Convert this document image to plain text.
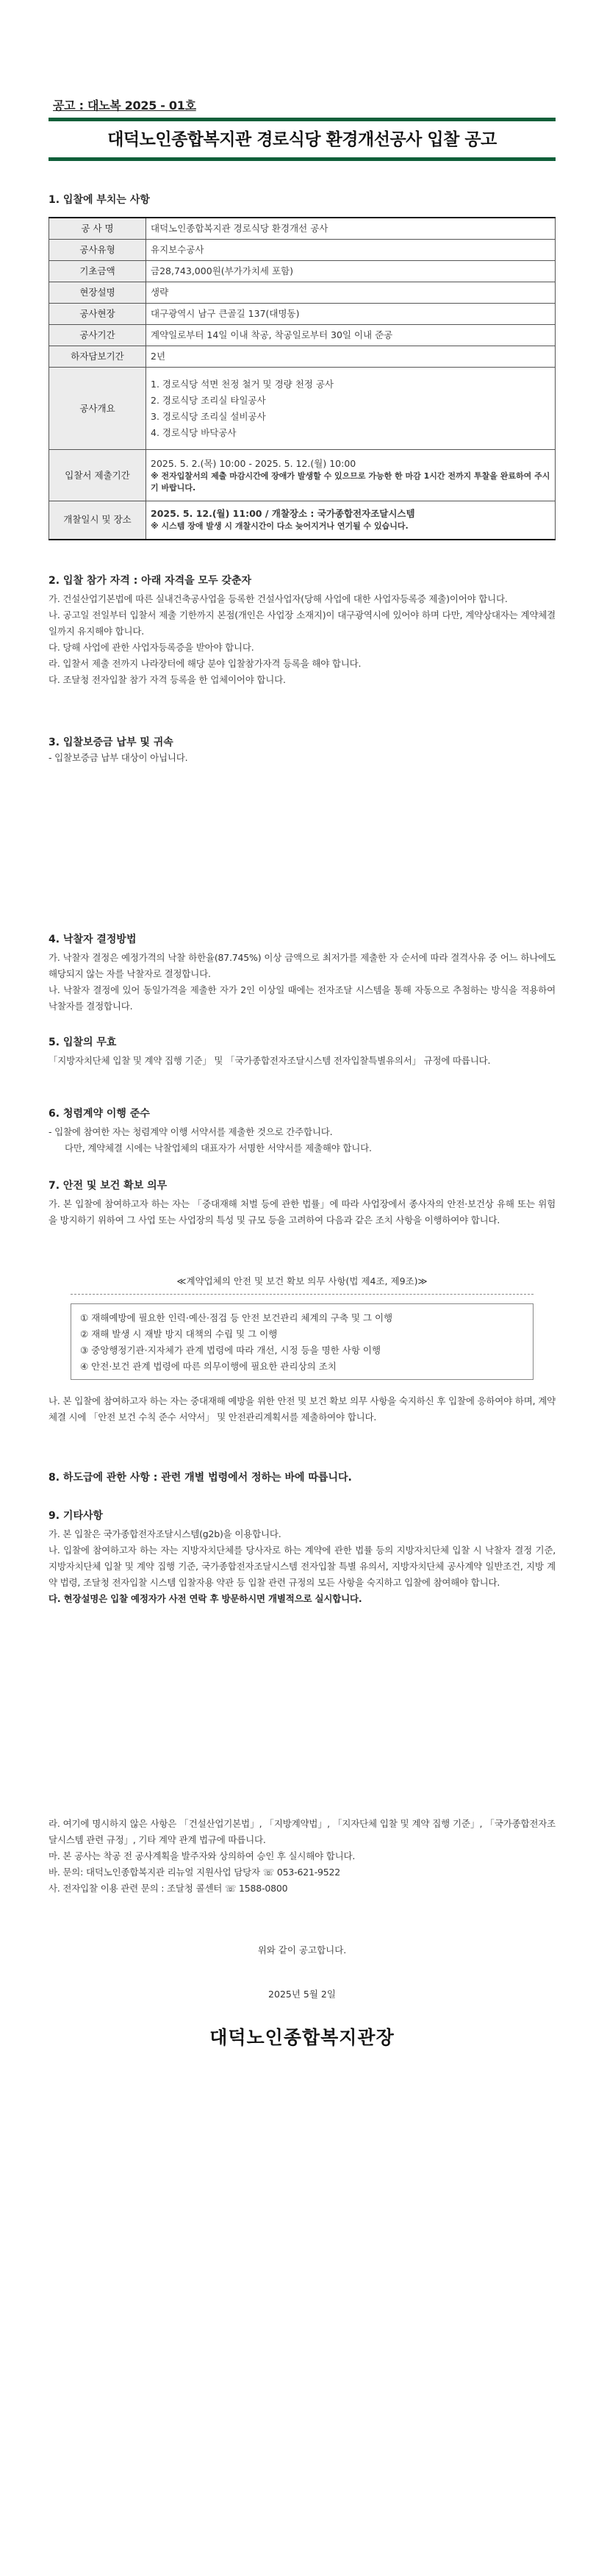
공고 : 대노복 2025 - 01호
대덕노인종합복지관 경로식당 환경개선공사 입찰 공고
1. 입찰에 부치는 사항
공 사 명	대덕노인종합복지관 경로식당 환경개선 공사
공사유형	유지보수공사
기초금액	금28,743,000원(부가가치세 포함)
현장설명	생략
공사현장	대구광역시 남구 큰골길 137(대명동)
공사기간	계약일로부터 14일 이내 착공, 착공일로부터 30일 이내 준공
하자담보기간	2년
공사개요	1. 경로식당 석면 천정 철거 및 경량 천정 공사
2. 경로식당 조리실 타일공사
3. 경로식당 조리실 설비공사
4. 경로식당 바닥공사

입찰서 제출기간	2025. 5. 2.(목) 10:00 - 2025. 5. 12.(월) 10:00
※ 전자입찰서의 제출 마감시간에 장애가 발생할 수 있으므로 가능한 한 마감 1시간 전까지 투찰을 완료하여 주시기 바랍니다.

개찰일시 및 장소	2025. 5. 12.(월) 11:00 / 개찰장소 : 국가종합전자조달시스템
※ 시스템 장애 발생 시 개찰시간이 다소 늦어지거나 연기될 수 있습니다.
2. 입찰 참가 자격 : 아래 자격을 모두 갖춘자
가. 건설산업기본법에 따른 실내건축공사업을 등록한 건설사업자(당해 사업에 대한 사업자등록증 제출)이어야 합니다.
나. 공고일 전일부터 입찰서 제출 기한까지 본점(개인은 사업장 소재지)이 대구광역시에 있어야 하며 다만, 계약상대자는 계약체결일까지 유지해야 합니다.
다. 당해 사업에 관한 사업자등록증을 받아야 합니다.
라. 입찰서 제출 전까지 나라장터에 해당 분야 입찰참가자격 등록을 해야 합니다.
다. 조달청 전자입찰 참가 자격 등록을 한 업체이어야 합니다.
3. 입찰보증금 납부 및 귀속
- 입찰보증금 납부 대상이 아닙니다.
4. 낙찰자 결정방법
가. 낙찰자 결정은 예정가격의 낙찰 하한율(87.745%) 이상 금액으로 최저가를 제출한 자 순서에 따라 결격사유 중 어느 하나에도 해당되지 않는 자를 낙찰자로 결정합니다.
나. 낙찰자 결정에 있어 동일가격을 제출한 자가 2인 이상일 때에는 전자조달 시스템을 통해 자동으로 추첨하는 방식을 적용하여 낙찰자를 결정합니다.
5. 입찰의 무효
「지방자치단체 입찰 및 계약 집행 기준」 및 「국가종합전자조달시스템 전자입찰특별유의서」 규정에 따릅니다.
6. 청렴계약 이행 준수
- 입찰에 참여한 자는 청렴계약 이행 서약서를 제출한 것으로 간주합니다.
다만, 계약체결 시에는 낙찰업체의 대표자가 서명한 서약서를 제출해야 합니다.
7. 안전 및 보건 확보 의무
가. 본 입찰에 참여하고자 하는 자는 「중대재해 처벌 등에 관한 법률」에 따라 사업장에서 종사자의 안전·보건상 유해 또는 위험을 방지하기 위하여 그 사업 또는 사업장의 특성 및 규모 등을 고려하여 다음과 같은 조치 사항을 이행하여야 합니다.
≪계약업체의 안전 및 보건 확보 의무 사항(법 제4조, 제9조)≫
① 재해예방에 필요한 인력·예산·점검 등 안전 보건관리 체계의 구축 및 그 이행
② 재해 발생 시 재발 방지 대책의 수립 및 그 이행
③ 중앙행정기관·지자체가 관계 법령에 따라 개선, 시정 등을 명한 사항 이행
④ 안전·보건 관계 법령에 따른 의무이행에 필요한 관리상의 조치
나. 본 입찰에 참여하고자 하는 자는 중대재해 예방을 위한 안전 및 보건 확보 의무 사항을 숙지하신 후 입찰에 응하여야 하며, 계약체결 시에 「안전 보건 수칙 준수 서약서」 및 안전관리계획서를 제출하여야 합니다.
8. 하도급에 관한 사항 : 관련 개별 법령에서 정하는 바에 따릅니다.
9. 기타사항
가. 본 입찰은 국가종합전자조달시스템(g2b)을 이용합니다.
나. 입찰에 참여하고자 하는 자는 지방자치단체를 당사자로 하는 계약에 관한 법률 등의 지방자치단체 입찰 시 낙찰자 결정 기준, 지방자치단체 입찰 및 계약 집행 기준, 국가종합전자조달시스템 전자입찰 특별 유의서, 지방자치단체 공사계약 일반조건, 지방 계약 법령, 조달청 전자입찰 시스템 입찰자용 약관 등 입찰 관련 규정의 모든 사항을 숙지하고 입찰에 참여해야 합니다.
다. 현장설명은 입찰 예정자가 사전 연락 후 방문하시면 개별적으로 실시합니다.
라. 여기에 명시하지 않은 사항은 「건설산업기본법」, 「지방계약법」, 「지자단체 입찰 및 계약 집행 기준」, 「국가종합전자조달시스템 관련 규정」, 기타 계약 관계 법규에 따릅니다.
마. 본 공사는 착공 전 공사계획을 발주자와 상의하여 승인 후 실시해야 합니다.
바. 문의: 대덕노인종합복지관 리뉴얼 지원사업 담당자 ☏ 053-621-9522
사. 전자입찰 이용 관련 문의 : 조달청 콜센터 ☏ 1588-0800
위와 같이 공고합니다.
2025년 5월 2일
대덕노인종합복지관장
